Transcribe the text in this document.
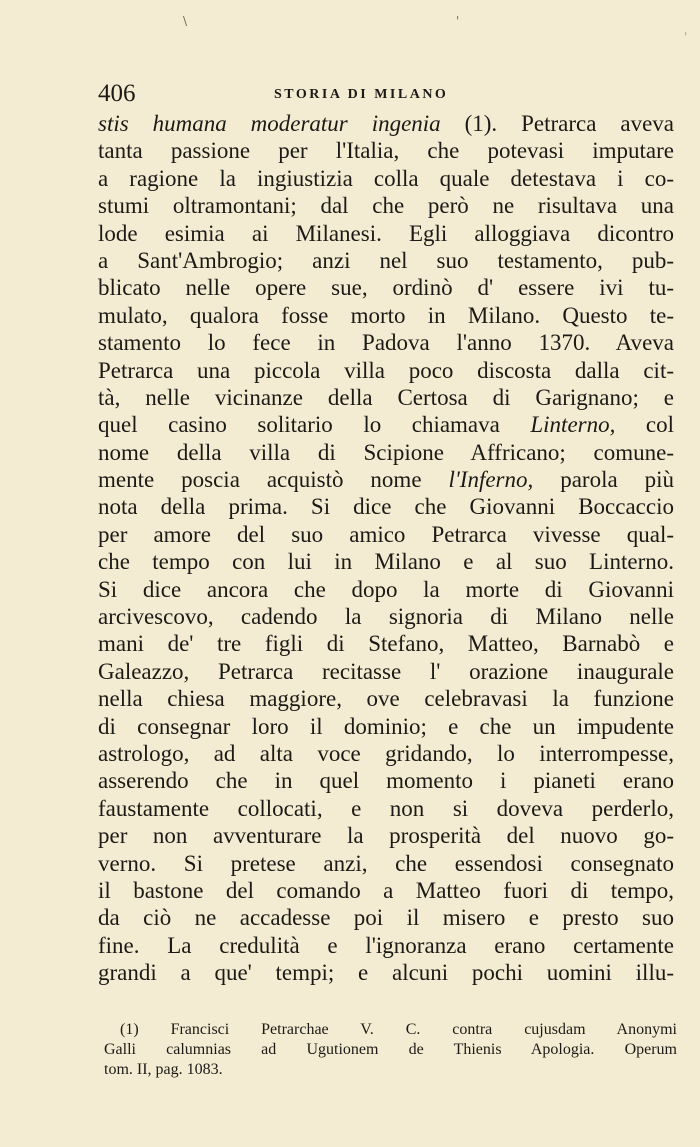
\	'
'
406	STORIA DI MILANO
stis humana moderatur ingenia (1). Petrarca aveva
tanta passione per l'Italia, che potevasi imputare
a ragione la ingiustizia colla quale detestava i co-
stumi oltramontani; dal che però ne risultava una
lode esimia ai Milanesi. Egli alloggiava dicontro
a Sant'Ambrogio; anzi nel suo testamento, pub-
blicato nelle opere sue, ordinò d' essere ivi tu-
mulato, qualora fosse morto in Milano. Questo te-
stamento lo fece in Padova l'anno 1370. Aveva
Petrarca una piccola villa poco discosta dalla cit-
tà, nelle vicinanze della Certosa di Garignano; e
quel casino solitario lo chiamava Linterno, col
nome della villa di Scipione Affricano; comune-
mente poscia acquistò nome l'Inferno, parola più
nota della prima. Si dice che Giovanni Boccaccio
per amore del suo amico Petrarca vivesse qual-
che tempo con lui in Milano e al suo Linterno.
Si dice ancora che dopo la morte di Giovanni
arcivescovo, cadendo la signoria di Milano nelle
mani de' tre figli di Stefano, Matteo, Barnabò e
Galeazzo, Petrarca recitasse l' orazione inaugurale
nella chiesa maggiore, ove celebravasi la funzione
di consegnar loro il dominio; e che un impudente
astrologo, ad alta voce gridando, lo interrompesse,
asserendo che in quel momento i pianeti erano
faustamente collocati, e non si doveva perderlo,
per non avventurare la prosperità del nuovo go-
verno. Si pretese anzi, che essendosi consegnato
il bastone del comando a Matteo fuori di tempo,
da ciò ne accadesse poi il misero e presto suo
fine. La credulità e l'ignoranza erano certamente
grandi a que' tempi; e alcuni pochi uomini illu-
(1) Francisci Petrarchae V. C. contra cujusdam Anonymi
Galli calumnias ad Ugutionem de Thienis Apologia. Operum
tom. II, pag. 1083.
